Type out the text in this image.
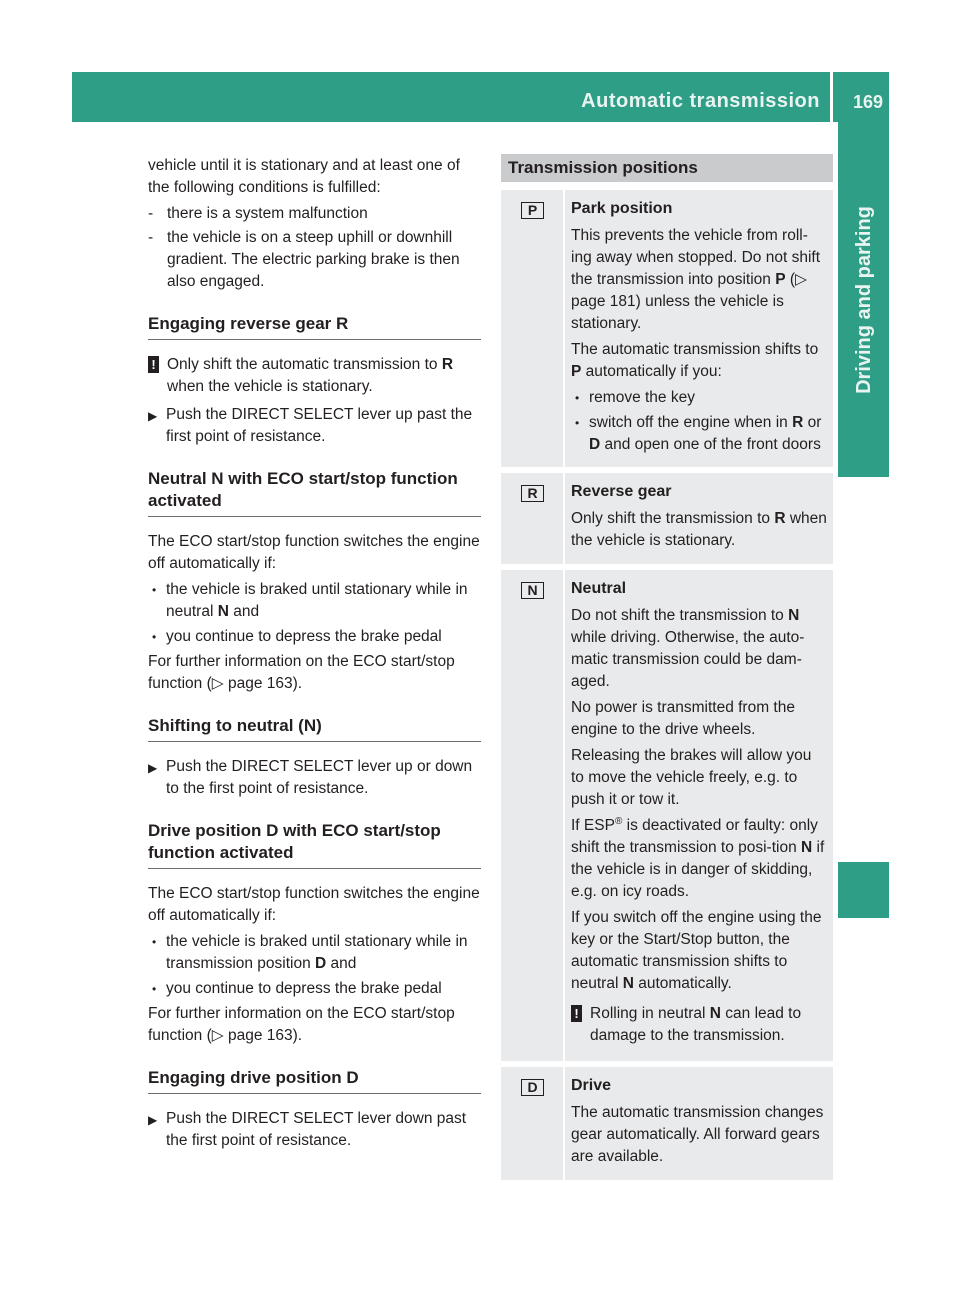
Automatic transmission 169
Driving and parking

vehicle until it is stationary and at least one of the following conditions is fulfilled:

- there is a system malfunction
- the vehicle is on a steep uphill or downhill gradient. The electric parking brake is then also engaged.
Engaging reverse gear R
! Only shift the automatic transmission to R when the vehicle is stationary.
▶ Push the DIRECT SELECT lever up past the first point of resistance.
Neutral N with ECO start/stop function activated

The ECO start/stop function switches the engine off automatically if:

• the vehicle is braked until stationary while in neutral N and
• you continue to depress the brake pedal

For further information on the ECO start/stop function (▷ page 163).

Shifting to neutral (N)
▶ Push the DIRECT SELECT lever up or down to the first point of resistance.
Drive position D with ECO start/stop function activated

The ECO start/stop function switches the engine off automatically if:

• the vehicle is braked until stationary while in transmission position D and
• you continue to depress the brake pedal

For further information on the ECO start/stop function (▷ page 163).

Engaging drive position D
▶ Push the DIRECT SELECT lever down past the first point of resistance.
Transmission positions
P	Park position

This prevents the vehicle from roll-ing away when stopped. Do not shift the transmission into position P (▷ page 181) unless the vehicle is stationary.

The automatic transmission shifts to P automatically if you:

• remove the key
• switch off the engine when in R or D and open one of the front doors
R	Reverse gear

Only shift the transmission to R when the vehicle is stationary.

N	Neutral

Do not shift the transmission to N while driving. Otherwise, the auto-matic transmission could be dam-aged.

No power is transmitted from the engine to the drive wheels.

Releasing the brakes will allow you to move the vehicle freely, e.g. to push it or tow it.

If ESP® is deactivated or faulty: only shift the transmission to posi-tion N if the vehicle is in danger of skidding, e.g. on icy roads.

If you switch off the engine using the key or the Start/Stop button, the automatic transmission shifts to neutral N automatically.

! Rolling in neutral N can lead to damage to the transmission.
D	Drive

The automatic transmission changes gear automatically. All forward gears are available.
